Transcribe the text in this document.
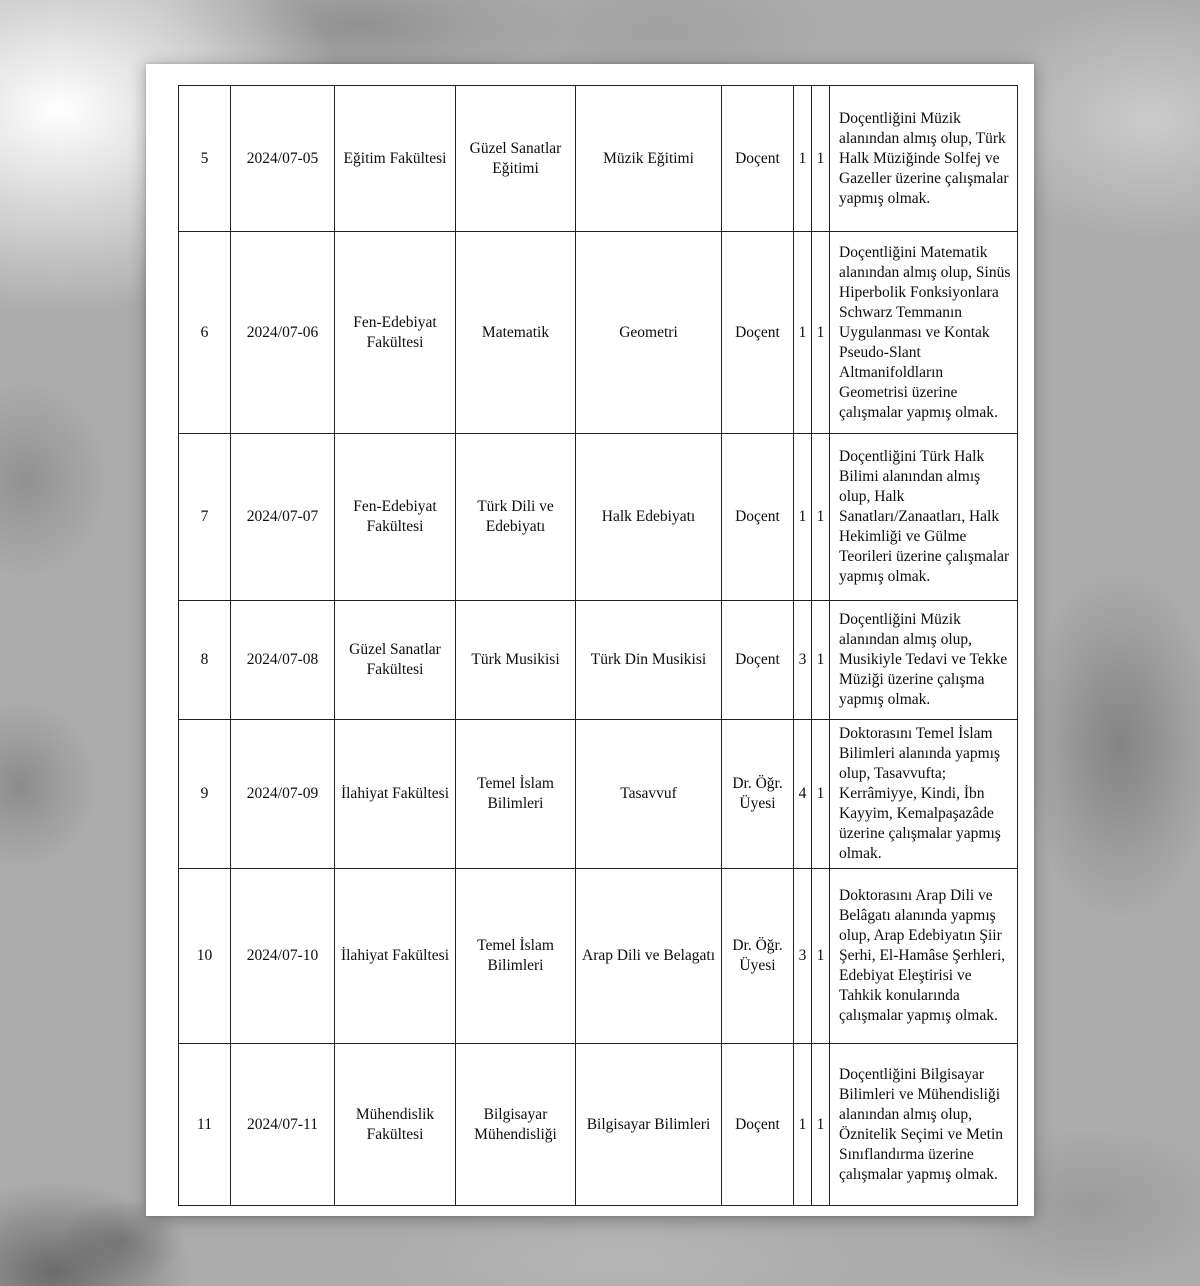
5	2024/07-05	Eğitim Fakültesi	Güzel Sanatlar Eğitimi	Müzik Eğitimi	Doçent	1	1	Doçentliğini Müzik alanından almış olup, Türk Halk Müziğinde Solfej ve Gazeller üzerine çalışmalar yapmış olmak.
6	2024/07-06	Fen-Edebiyat Fakültesi	Matematik	Geometri	Doçent	1	1	Doçentliğini Matematik alanından almış olup, Sinüs Hiperbolik Fonksiyonlara Schwarz Temmanın Uygulanması ve Kontak Pseudo-Slant Altmanifoldların Geometrisi üzerine çalışmalar yapmış olmak.
7	2024/07-07	Fen-Edebiyat Fakültesi	Türk Dili ve Edebiyatı	Halk Edebiyatı	Doçent	1	1	Doçentliğini Türk Halk Bilimi alanından almış olup, Halk Sanatları/Zanaatları, Halk Hekimliği ve Gülme Teorileri üzerine çalışmalar yapmış olmak.
8	2024/07-08	Güzel Sanatlar Fakültesi	Türk Musikisi	Türk Din Musikisi	Doçent	3	1	Doçentliğini Müzik alanından almış olup, Musikiyle Tedavi ve Tekke Müziği üzerine çalışma yapmış olmak.
9	2024/07-09	İlahiyat Fakültesi	Temel İslam Bilimleri	Tasavvuf	Dr. Öğr. Üyesi	4	1	Doktorasını Temel İslam Bilimleri alanında yapmış olup, Tasavvufta; Kerrâmiyye, Kindi, İbn Kayyim, Kemalpaşazâde üzerine çalışmalar yapmış olmak.
10	2024/07-10	İlahiyat Fakültesi	Temel İslam Bilimleri	Arap Dili ve Belagatı	Dr. Öğr. Üyesi	3	1	Doktorasını Arap Dili ve Belâgatı alanında yapmış olup, Arap Edebiyatın Şiir Şerhi, El-Hamâse Şerhleri, Edebiyat Eleştirisi ve Tahkik konularında çalışmalar yapmış olmak.
11	2024/07-11	Mühendislik Fakültesi	Bilgisayar Mühendisliği	Bilgisayar Bilimleri	Doçent	1	1	Doçentliğini Bilgisayar Bilimleri ve Mühendisliği alanından almış olup, Öznitelik Seçimi ve Metin Sınıflandırma üzerine çalışmalar yapmış olmak.
